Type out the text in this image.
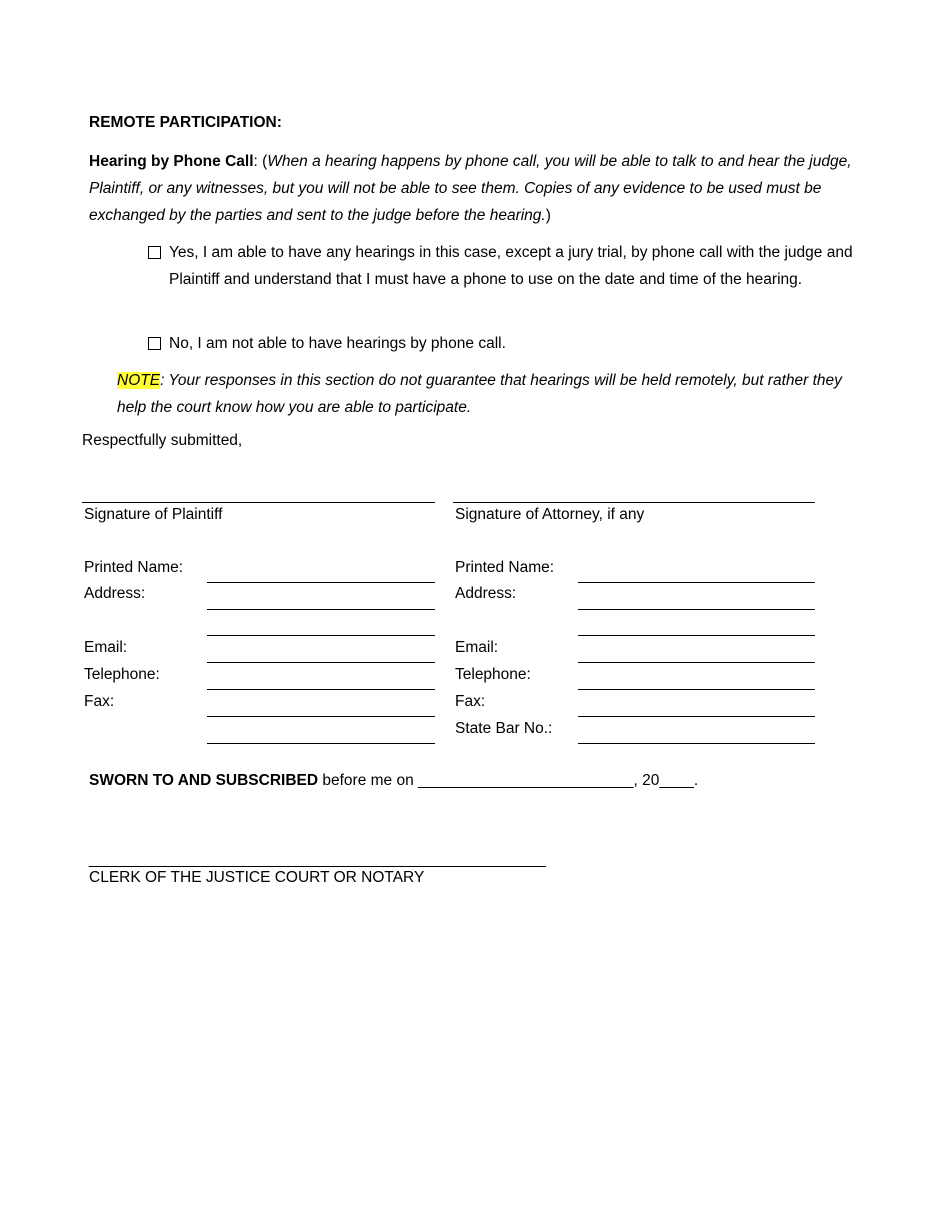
REMOTE PARTICIPATION:
Hearing by Phone Call: (When a hearing happens by phone call, you will be able to talk to and hear the judge, Plaintiff, or any witnesses, but you will not be able to see them. Copies of any evidence to be used must be exchanged by the parties and sent to the judge before the hearing.)
Yes, I am able to have any hearings in this case, except a jury trial, by phone call with the judge and Plaintiff and understand that I must have a phone to use on the date and time of the hearing.
No, I am not able to have hearings by phone call.
NOTE: Your responses in this section do not guarantee that hearings will be held remotely, but rather they help the court know how you are able to participate.
Respectfully submitted,
Signature of Plaintiff
Printed Name:
Address:
Email:
Telephone:
Fax:
Signature of Attorney, if any
Printed Name:
Address:
Email:
Telephone:
Fax:
State Bar No.:
SWORN TO AND SUBSCRIBED before me on _________________________, 20____.
_____________________________________________________
CLERK OF THE JUSTICE COURT OR NOTARY
